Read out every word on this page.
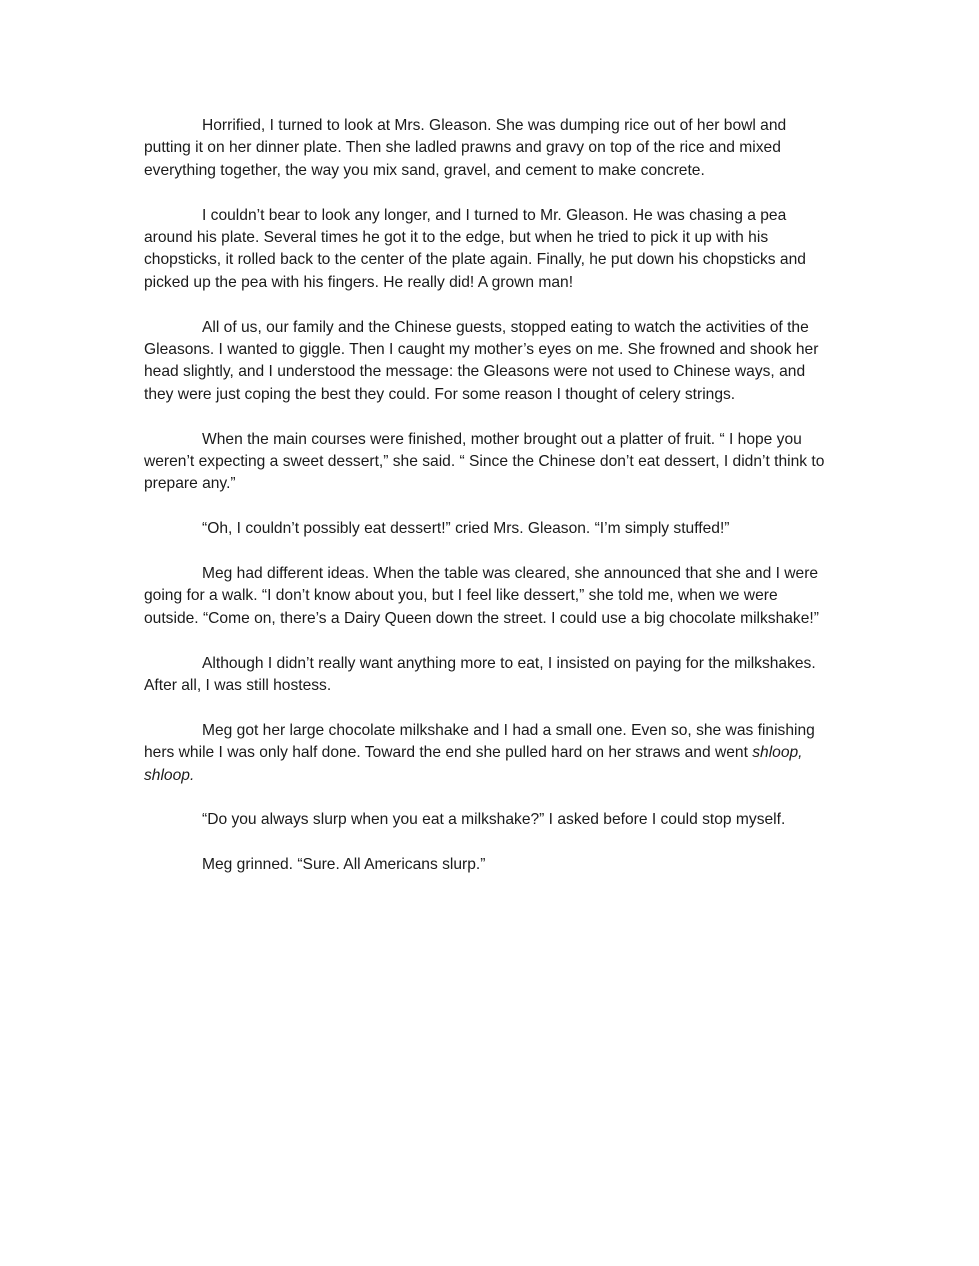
Horrified, I turned to look at Mrs. Gleason. She was dumping rice out of her bowl and putting it on her dinner plate. Then she ladled prawns and gravy on top of the rice and mixed everything together, the way you mix sand, gravel, and cement to make concrete.

I couldn’t bear to look any longer, and I turned to Mr. Gleason. He was chasing a pea around his plate. Several times he got it to the edge, but when he tried to pick it up with his chopsticks, it rolled back to the center of the plate again. Finally, he put down his chopsticks and picked up the pea with his fingers. He really did! A grown man!

All of us, our family and the Chinese guests, stopped eating to watch the activities of the Gleasons. I wanted to giggle. Then I caught my mother’s eyes on me. She frowned and shook her head slightly, and I understood the message: the Gleasons were not used to Chinese ways, and they were just coping the best they could. For some reason I thought of celery strings.

When the main courses were finished, mother brought out a platter of fruit. “ I hope you weren’t expecting a sweet dessert,” she said. “ Since the Chinese don’t eat dessert, I didn’t think to prepare any.”

“Oh, I couldn’t possibly eat dessert!” cried Mrs. Gleason. “I’m simply stuffed!”

Meg had different ideas. When the table was cleared, she announced that she and I were going for a walk. “I don’t know about you, but I feel like dessert,” she told me, when we were outside. “Come on, there’s a Dairy Queen down the street. I could use a big chocolate milkshake!”

Although I didn’t really want anything more to eat, I insisted on paying for the milkshakes. After all, I was still hostess.

Meg got her large chocolate milkshake and I had a small one. Even so, she was finishing hers while I was only half done. Toward the end she pulled hard on her straws and went shloop, shloop.

“Do you always slurp when you eat a milkshake?” I asked before I could stop myself.

Meg grinned. “Sure. All Americans slurp.”
